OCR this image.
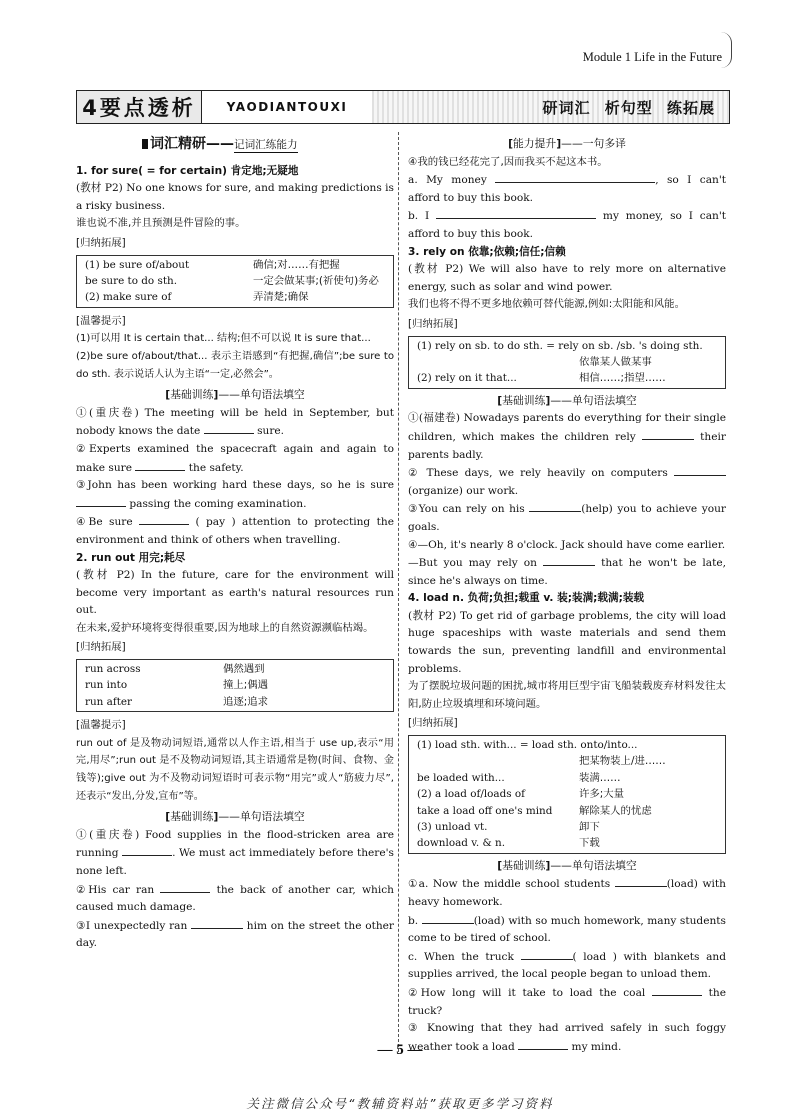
Module 1 Life in the Future
4要点透析	YAODIANTOUXI	研词汇 析句型 练拓展
词汇精研——记词汇练能力

1. for sure( = for certain) 肯定地;无疑地

(教材 P2) No one knows for sure, and making predictions is a risky business.

谁也说不准,并且预测是件冒险的事。

[ 归纳拓展 ]
(1) be sure of/about	确信;对……有把握
be sure to do sth.	一定会做某事;(祈使句)务必
(2) make sure of	弄清楚;确保
[ 温馨提示 ]

(1)可以用 It is certain that... 结构;但不可以说 It is sure that...

(2)be sure of/about/that... 表示主语感到“有把握,确信”;be sure to do sth. 表示说话人认为主语“一定,必然会”。

[基础训练]——单句语法填空

①(重庆卷) The meeting will be held in September, but nobody knows the date	sure.

②Experts examined the spacecraft again and again to make sure	the safety.

③John has been working hard these days, so he is sure  passing the coming examination.

④Be sure	( pay ) attention to protecting the environment and think of others when travelling.

2. run out 用完;耗尽

(教材 P2) In the future, care for the environment will become very important as earth's natural resources run out.

在未来,爱护环境将变得很重要,因为地球上的自然资源濒临枯竭。

[ 归纳拓展 ]
run across	偶然遇到
run into	撞上;偶遇
run after	追逐;追求
[ 温馨提示 ]

run out of 是及物动词短语,通常以人作主语,相当于 use up,表示“用完,用尽”;run out 是不及物动词短语,其主语通常是物(时间、食物、金钱等);give out 为不及物动词短语时可表示物“用完”或人“筋疲力尽”,还表示“发出,分发,宣布”等。

[基础训练]——单句语法填空

①(重庆卷) Food supplies in the flood-stricken area are running	. We must act immediately before there's none left.

②His car ran	the back of another car, which caused much damage.

③I unexpectedly ran	him on the street the other day.

[能力提升]——一句多译

④我的钱已经花完了,因而我买不起这本书。

a. My money	, so I can't afford to buy this book.

b. I	my money, so I can't afford to buy this book.

3. rely on 依靠;依赖;信任;信赖

(教材 P2) We will also have to rely more on alternative energy, such as solar and wind power.

我们也将不得不更多地依赖可替代能源,例如:太阳能和风能。

[ 归纳拓展 ]
(1) rely on sb. to do sth. = rely on sb. /sb. 's doing sth.	
	依靠某人做某事
(2) rely on it that...	相信……;指望……
[基础训练]——单句语法填空

①(福建卷) Nowadays parents do everything for their single children, which makes the children rely	their parents badly.

② These days, we rely heavily on computers  (organize) our work.

③You can rely on his	(help) you to achieve your goals.

④—Oh, it's nearly 8 o'clock. Jack should have come earlier.

—But you may rely on	that he won't be late, since he's always on time.

4. load n. 负荷;负担;载重 v. 装;装满;载满;装载

(教材 P2) To get rid of garbage problems, the city will load huge spaceships with waste materials and send them towards the sun, preventing landfill and environmental problems.

为了摆脱垃圾问题的困扰,城市将用巨型宇宙飞船装载废弃材料发往太阳,防止垃圾填埋和环境问题。

[ 归纳拓展 ]
(1) load sth. with... = load sth. onto/into...	
	把某物装上/进……
be loaded with...	装满……
(2) a load of/loads of	许多;大量
take a load off one's mind	解除某人的忧虑
(3) unload vt.	卸下
download v. & n.	下载
[基础训练]——单句语法填空

①a. Now the middle school students	(load) with heavy homework.

b.	(load) with so much homework, many students come to be tired of school.

c. When the truck	( load ) with blankets and supplies arrived, the local people began to unload them.

②How long will it take to load the coal	the truck?

③ Knowing that they had arrived safely in such foggy weather took a load	my mind.

— 5 —
关注微信公众号“教辅资料站”获取更多学习资料
